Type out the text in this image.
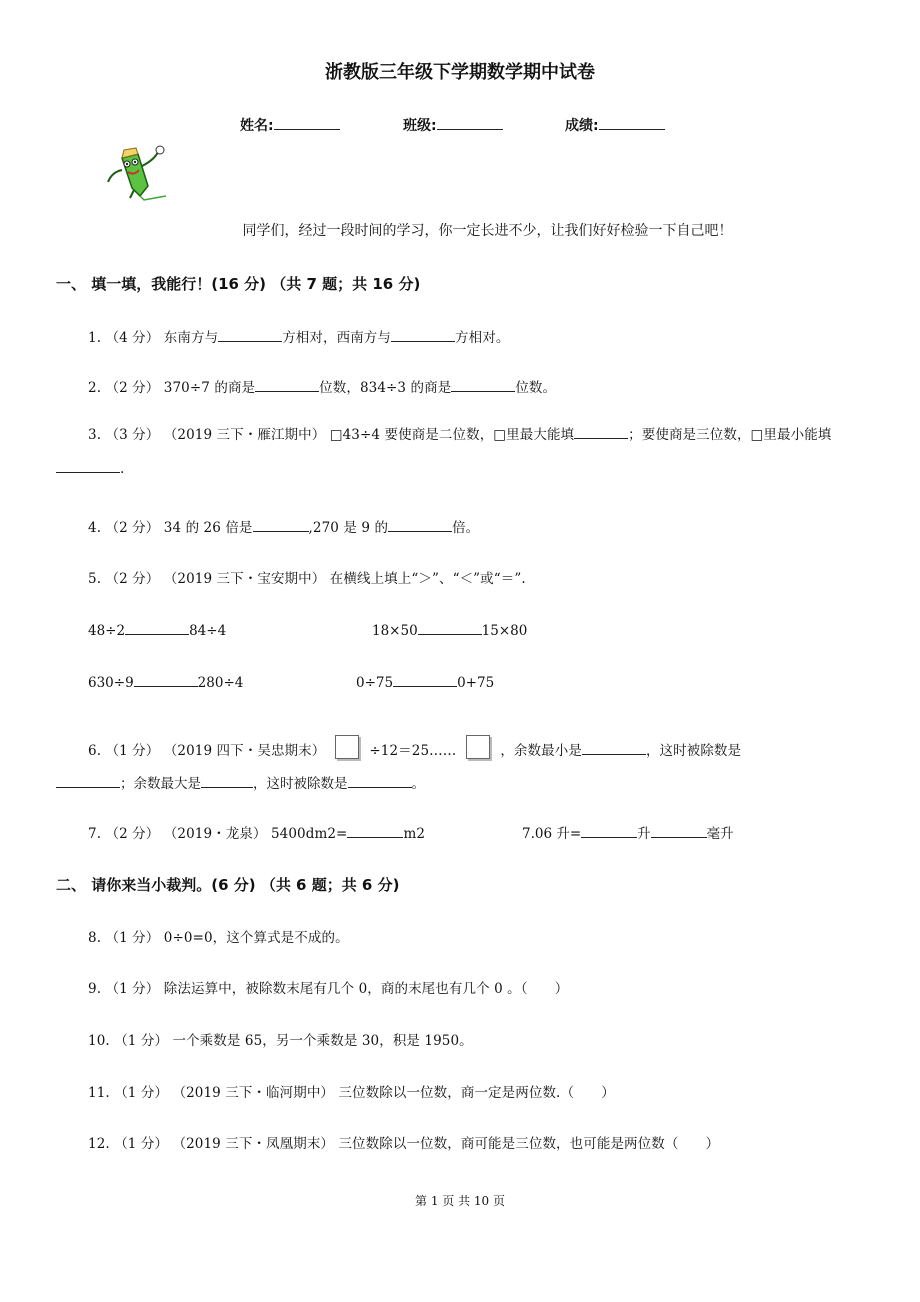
浙教版三年级下学期数学期中试卷
姓名:	班级:	成绩:
同学们，经过一段时间的学习，你一定长进不少，让我们好好检验一下自己吧！
一、 填一填，我能行！(16 分) （共 7 题；共 16 分)
1. （4 分） 东南方与	方相对，西南方与	方相对。
2. （2 分） 370÷7 的商是	位数，834÷3 的商是	位数。
3. （3 分） （2019 三下・雁江期中） □43÷4 要使商是二位数，□里最大能填	；要使商是三位数，□里最小能填.
4. （2 分） 34 的 26 倍是	,270 是 9 的	倍。
5. （2 分） （2019 三下・宝安期中） 在横线上填上“＞”、“＜”或“＝”.
48÷2	84÷4	18×50	15×80
630÷9	280÷4	0÷75	0+75
6. （1 分） （2019 四下・吴忠期末）	÷12＝25……	，余数最小是	，这时被除数是
；余数最大是	，这时被除数是	。
7. （2 分） （2019・龙泉） 5400dm2=	m2	7.06 升=	升	毫升
二、 请你来当小裁判。(6 分) （共 6 题；共 6 分)
8. （1 分） 0÷0=0，这个算式是不成的。
9. （1 分） 除法运算中，被除数末尾有几个 0，商的末尾也有几个 0 。（　　）
10. （1 分） 一个乘数是 65，另一个乘数是 30，积是 1950。
11. （1 分） （2019 三下・临河期中） 三位数除以一位数，商一定是两位数.（　　）
12. （1 分） （2019 三下・凤凰期末） 三位数除以一位数，商可能是三位数，也可能是两位数（　　）
第 1 页 共 10 页
